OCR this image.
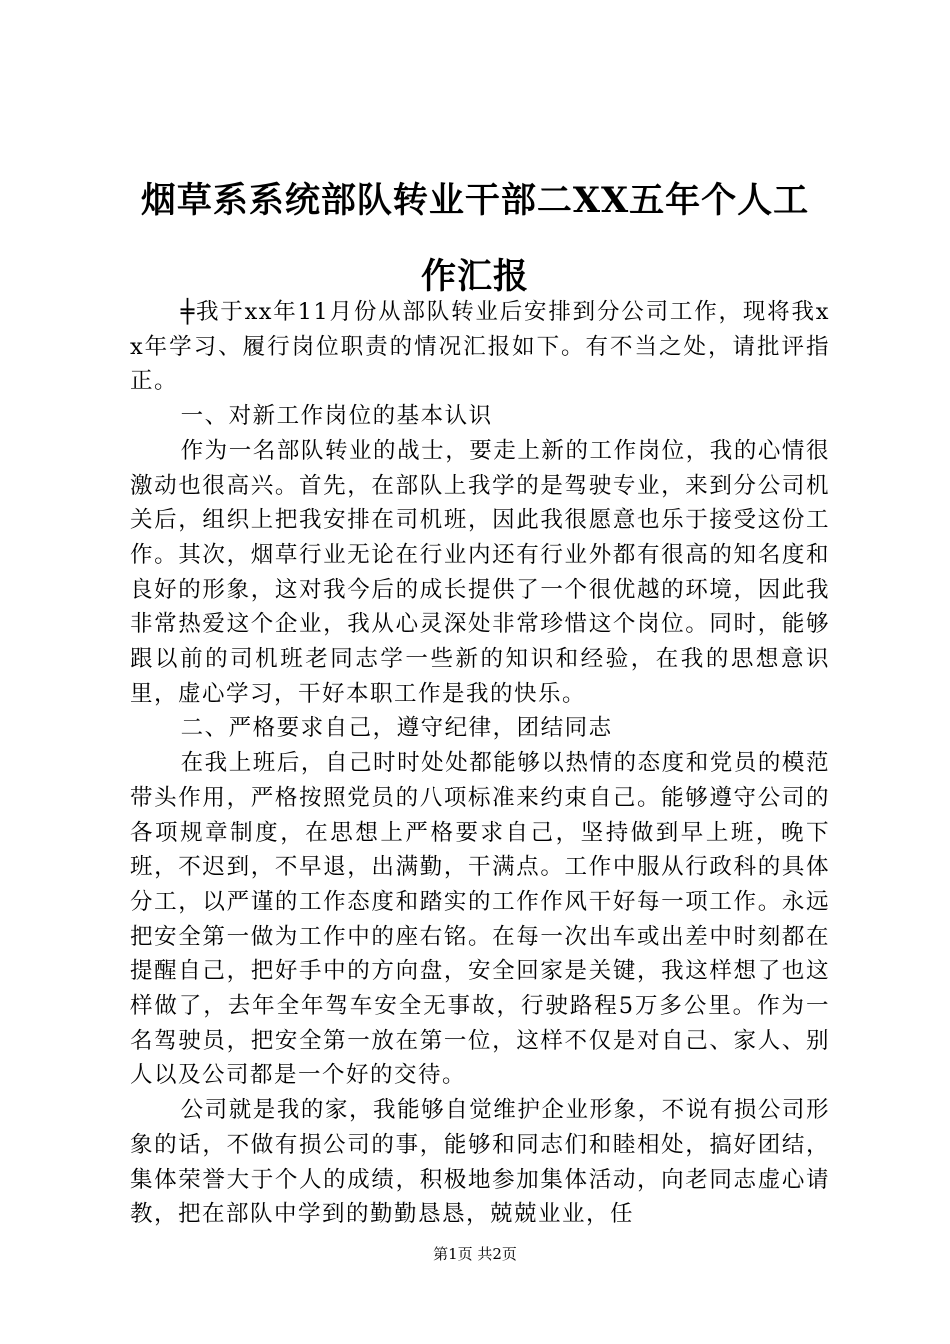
烟草系系统部队转业干部二XX五年个人工作汇报

╪我于xx年11月份从部队转业后安排到分公司工作，现将我xx年学习、履行岗位职责的情况汇报如下。有不当之处，请批评指正。

一、对新工作岗位的基本认识

作为一名部队转业的战士，要走上新的工作岗位，我的心情很激动也很高兴。首先，在部队上我学的是驾驶专业，来到分公司机关后，组织上把我安排在司机班，因此我很愿意也乐于接受这份工作。其次，烟草行业无论在行业内还有行业外都有很高的知名度和良好的形象，这对我今后的成长提供了一个很优越的环境，因此我非常热爱这个企业，我从心灵深处非常珍惜这个岗位。同时，能够跟以前的司机班老同志学一些新的知识和经验，在我的思想意识里，虚心学习，干好本职工作是我的快乐。

二、严格要求自己，遵守纪律，团结同志

在我上班后，自己时时处处都能够以热情的态度和党员的模范带头作用，严格按照党员的八项标准来约束自己。能够遵守公司的各项规章制度，在思想上严格要求自己，坚持做到早上班，晚下班，不迟到，不早退，出满勤，干满点。工作中服从行政科的具体分工，以严谨的工作态度和踏实的工作作风干好每一项工作。永远把安全第一做为工作中的座右铭。在每一次出车或出差中时刻都在提醒自己，把好手中的方向盘，安全回家是关键，我这样想了也这样做了，去年全年驾车安全无事故，行驶路程5万多公里。作为一名驾驶员，把安全第一放在第一位，这样不仅是对自己、家人、别人以及公司都是一个好的交待。

公司就是我的家，我能够自觉维护企业形象，不说有损公司形象的话，不做有损公司的事，能够和同志们和睦相处，搞好团结，集体荣誉大于个人的成绩，积极地参加集体活动，向老同志虚心请教，把在部队中学到的勤勤恳恳，兢兢业业，任

第1页 共2页
